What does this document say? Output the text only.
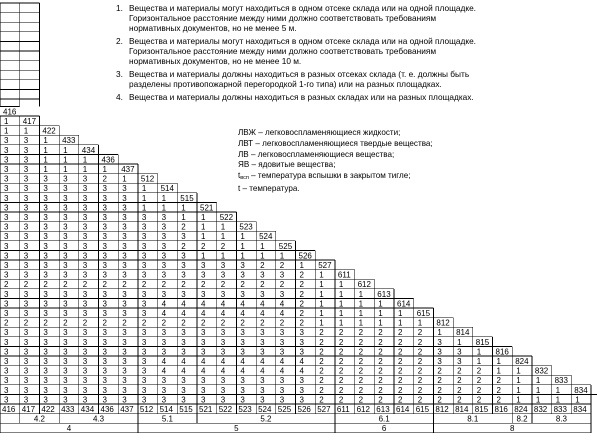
416
1 417
1 1 422
3 3 1 433
3 3 1 1 434
3 3 1 1 1 436
3 3 1 1 1 1 437
3 3 3 3 3 2 1 512
3 3 3 3 3 3 3 1 514
3 3 3 3 3 3 3 1 1 515
3 3 3 3 3 3 3 1 1 1 521
3 3 3 3 3 3 3 3 3 1 1 522
3 3 3 3 3 3 3 3 3 2 1 1 523
3 3 3 3 3 3 3 3 3 3 1 1 1 524
3 3 3 3 3 3 3 3 3 2 2 2 1 1 525
3 3 3 3 3 3 3 3 3 3 1 1 1 1 1 526
3 3 3 3 3 3 3 3 3 3 3 3 3 2 2 1 527
3 3 3 3 3 3 3 3 3 3 3 3 3 3 3 2 1 611
2 2 2 2 2 2 2 2 2 2 2 2 2 2 2 2 1 1 612
3 3 3 3 3 3 3 3 3 3 3 3 3 3 3 2 1 1 1 613
3 3 3 3 3 3 3 3 4 4 4 4 4 4 4 2 1 1 1 1 614
3 3 3 3 3 3 3 3 4 4 4 4 4 4 4 2 1 1 1 1 1 615
2 2 2 2 2 2 2 2 2 2 2 2 2 2 2 2 1 1 1 1 1 1 812
3 3 3 3 3 3 3 3 3 3 3 3 3 3 3 3 2 2 2 2 2 2 1 814
3 3 3 3 3 3 3 3 3 3 3 3 3 3 3 3 2 2 2 2 2 2 3 1 815
3 3 3 3 3 3 3 3 3 3 3 3 3 3 3 3 2 2 2 2 2 2 3 3 1 816
3 3 3 3 3 3 3 3 4 4 4 4 4 4 4 4 2 2 2 2 2 2 3 3 1 1 824
3 3 3 3 3 3 3 3 4 4 4 4 4 4 4 4 2 2 2 2 2 2 2 2 2 1 1 832
3 3 3 3 3 3 3 3 3 3 3 3 3 3 3 3 2 2 2 2 2 2 2 2 2 2 1 1 833
3 3 3 3 3 3 3 3 3 3 3 3 3 3 3 3 2 2 2 2 2 2 2 2 2 2 1 1 1 834
3 3 3 3 3 3 3 3 3 3 3 3 3 3 3 3 2 2 2 2 2 2 2 2 2 2 1 1 1 1
416 417 422 433 434 436 437 512 514 515 521 522 523 524 525 526 527 611 612 613 614 615 812 814 815 816 824 832 833 834
4.2	4.3	5.1	5.2	6.1	8.1	8.2	8.3
4	5	6	8
1. Вещества и материалы могут находиться в одном отсеке склада или на одной площадке. Горизонтальное расстояние между ними должно соответствовать требованиям нормативных документов, но не менее 5 м.
2. Вещества и материалы могут находиться в одном отсеке склада или на одной площадке. Горизонтальное расстояние между ними должно соответствовать требованиям нормативных документов, но не менее 10 м.
3. Вещества и материалы должны находиться в разных отсеках склада (т. е. должны быть разделены противопожарной перегородкой 1-го типа) или на разных площадках.
4. Вещества и материалы должны находиться в разных складах или на разных площадках.
ЛВЖ – легковоспламеняющиеся жидкости;
ЛВТ – легковоспламеняющиеся твердые вещества;
ЛВ – легковоспламеняющиеся вещества;
ЯВ – ядовитые вещества;
$t_{всп}$ – температура вспышки в закрытом тигле;
t – температура.
